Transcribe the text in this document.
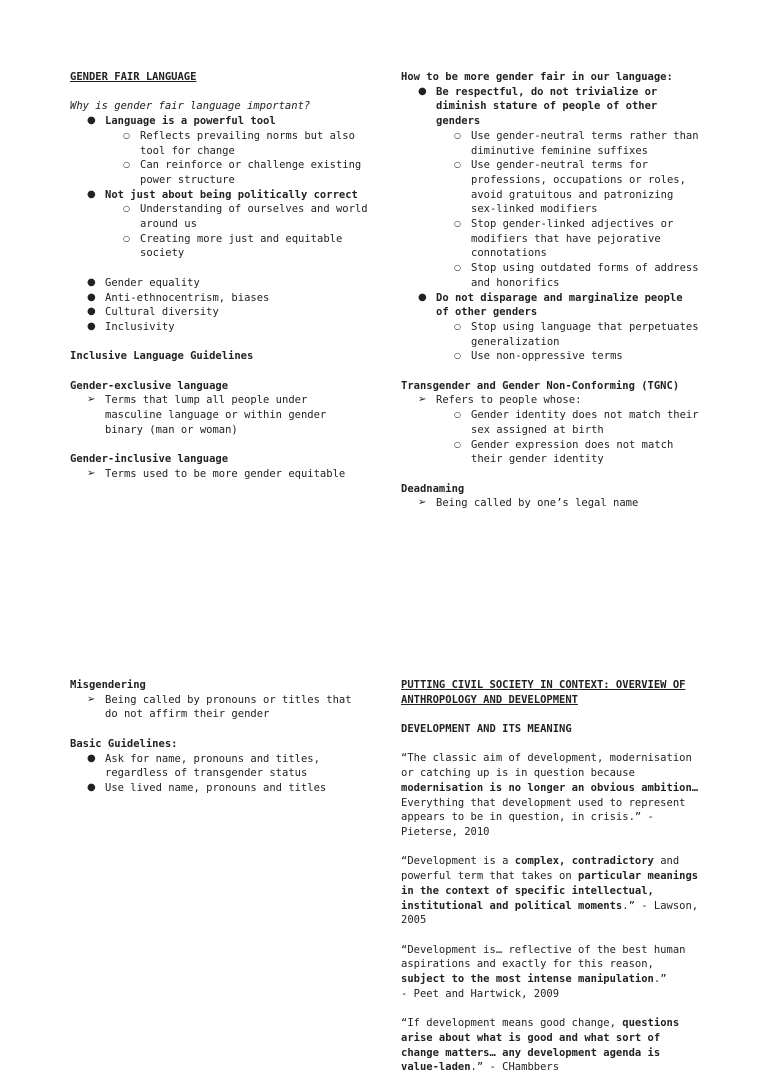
GENDER FAIR LANGUAGE

Why is gender fair language important?

● Language is a powerful tool
○ Reflects prevailing norms but also tool for change
○ Can reinforce or challenge existing power structure
● Not just about being politically correct
○ Understanding of ourselves and world around us
○ Creating more just and equitable society
● Gender equality
● Anti-ethnocentrism, biases
● Cultural diversity
● Inclusivity

Inclusive Language Guidelines

Gender-exclusive language

➢ Terms that lump all people under masculine language or within gender binary (man or woman)

Gender-inclusive language

➢ Terms used to be more gender equitable

How to be more gender fair in our language:

● Be respectful, do not trivialize or diminish stature of people of other genders
○ Use gender-neutral terms rather than diminutive feminine suffixes
○ Use gender-neutral terms for professions, occupations or roles, avoid gratuitous and patronizing sex-linked modifiers
○ Stop gender-linked adjectives or modifiers that have pejorative connotations
○ Stop using outdated forms of address and honorifics
● Do not disparage and marginalize people of other genders
○ Stop using language that perpetuates generalization
○ Use non-oppressive terms

Transgender and Gender Non-Conforming (TGNC)

➢ Refers to people whose:
○ Gender identity does not match their sex assigned at birth
○ Gender expression does not match their gender identity

Deadnaming

➢ Being called by one’s legal name

Misgendering

➢ Being called by pronouns or titles that do not affirm their gender

Basic Guidelines:

● Ask for name, pronouns and titles, regardless of transgender status
● Use lived name, pronouns and titles

PUTTING CIVIL SOCIETY IN CONTEXT: OVERVIEW OF ANTHROPOLOGY AND DEVELOPMENT

DEVELOPMENT AND ITS MEANING

“The classic aim of development, modernisation or catching up is in question because modernisation is no longer an obvious ambition… Everything that development used to represent appears to be in question, in crisis.” - Pieterse, 2010

“Development is a complex, contradictory and powerful term that takes on particular meanings in the context of specific intellectual, institutional and political moments.” - Lawson, 2005

“Development is… reflective of the best human aspirations and exactly for this reason, subject to the most intense manipulation.”
- Peet and Hartwick, 2009

“If development means good change, questions arise about what is good and what sort of change matters… any development agenda is value-laden.” - CHambbers
